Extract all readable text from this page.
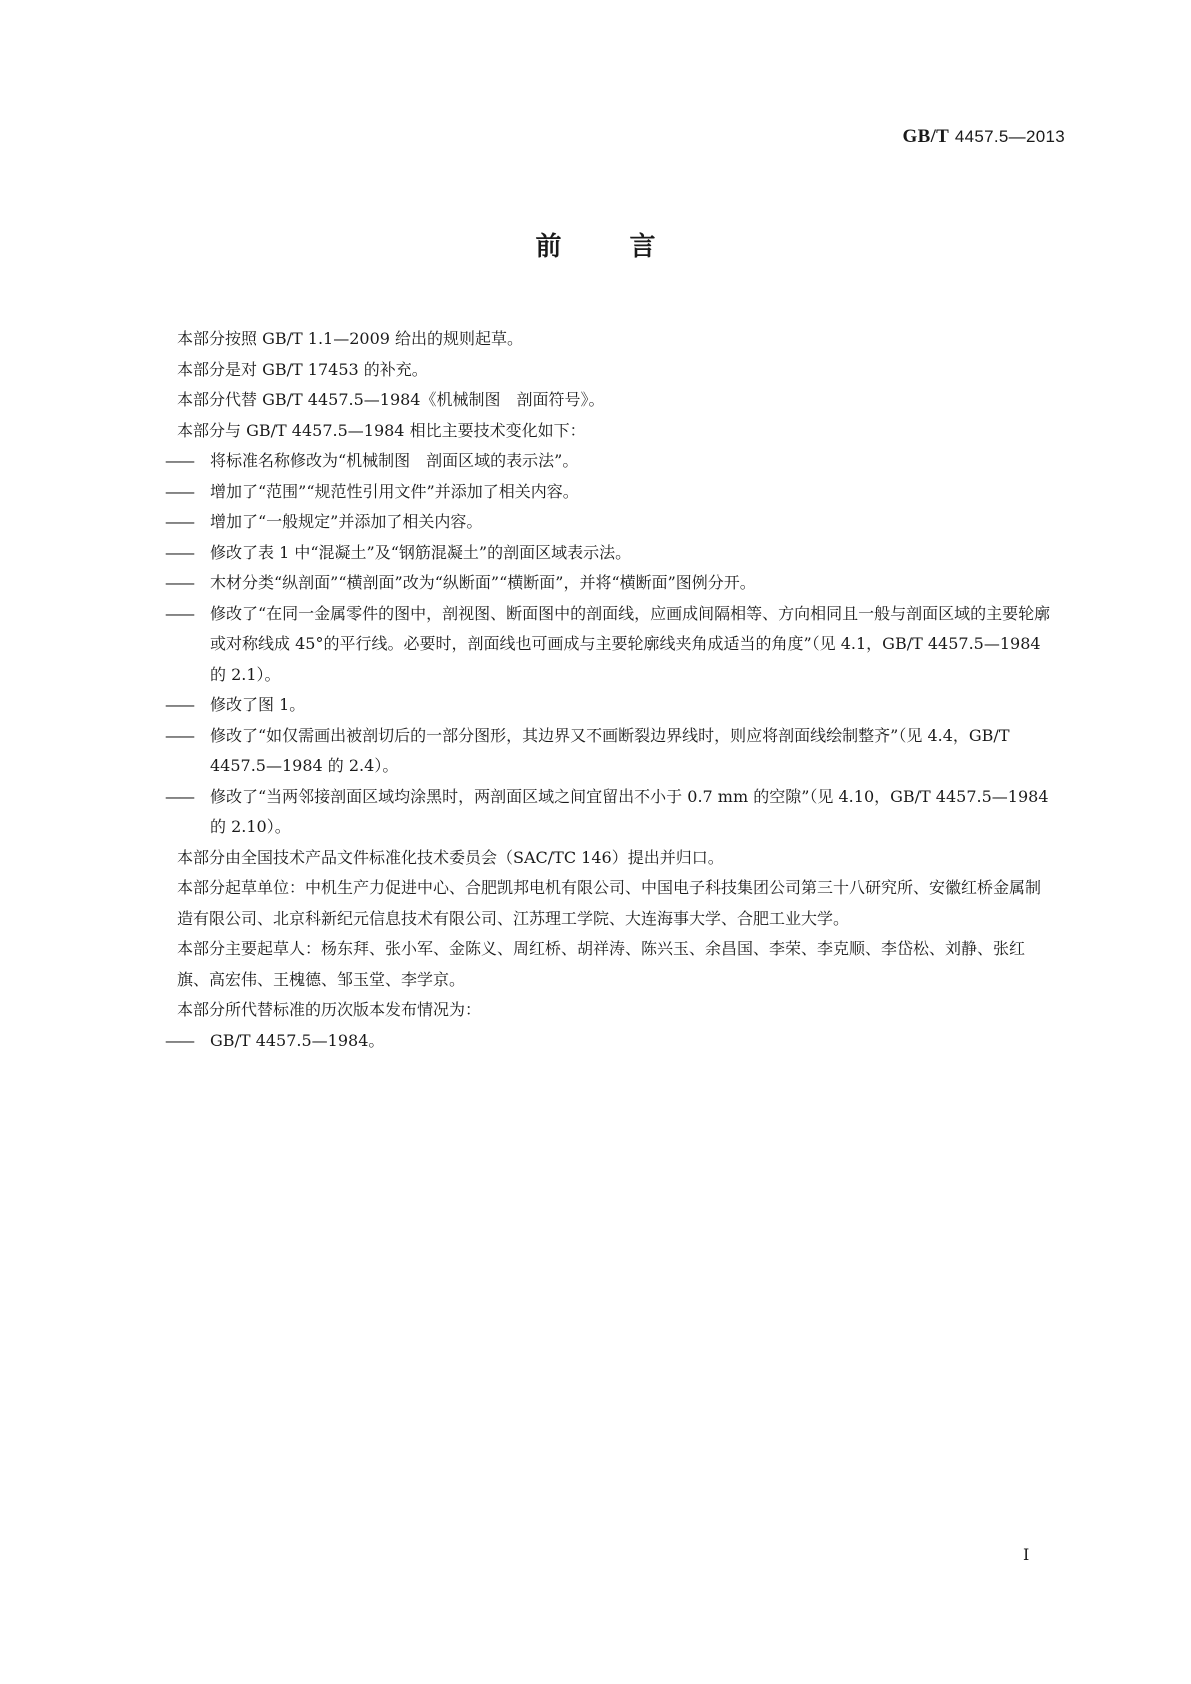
GB/T 4457.5—2013
前	言

本部分按照 GB/T 1.1—2009 给出的规则起草。

本部分是对 GB/T 17453 的补充。

本部分代替 GB/T 4457.5—1984《机械制图　剖面符号》。

本部分与 GB/T 4457.5—1984 相比主要技术变化如下：

——	将标准名称修改为“机械制图　剖面区域的表示法”。

——	增加了“范围”“规范性引用文件”并添加了相关内容。

——	增加了“一般规定”并添加了相关内容。

——	修改了表 1 中“混凝土”及“钢筋混凝土”的剖面区域表示法。

——	木材分类“纵剖面”“横剖面”改为“纵断面”“横断面”，并将“横断面”图例分开。

——	修改了“在同一金属零件的图中，剖视图、断面图中的剖面线，应画成间隔相等、方向相同且一般与剖面区域的主要轮廓或对称线成 45°的平行线。必要时，剖面线也可画成与主要轮廓线夹角成适当的角度”（见 4.1，GB/T 4457.5—1984 的 2.1）。

——	修改了图 1。

——	修改了“如仅需画出被剖切后的一部分图形，其边界又不画断裂边界线时，则应将剖面线绘制整齐”（见 4.4，GB/T 4457.5—1984 的 2.4）。

——	修改了“当两邻接剖面区域均涂黑时，两剖面区域之间宜留出不小于 0.7 mm 的空隙”（见 4.10，GB/T 4457.5—1984 的 2.10）。

本部分由全国技术产品文件标准化技术委员会（SAC/TC 146）提出并归口。

本部分起草单位：中机生产力促进中心、合肥凯邦电机有限公司、中国电子科技集团公司第三十八研究所、安徽红桥金属制造有限公司、北京科新纪元信息技术有限公司、江苏理工学院、大连海事大学、合肥工业大学。

本部分主要起草人：杨东拜、张小军、金陈义、周红桥、胡祥涛、陈兴玉、余昌国、李荣、李克顺、李岱松、刘静、张红旗、高宏伟、王槐德、邹玉堂、李学京。

本部分所代替标准的历次版本发布情况为：

——	GB/T 4457.5—1984。

I
